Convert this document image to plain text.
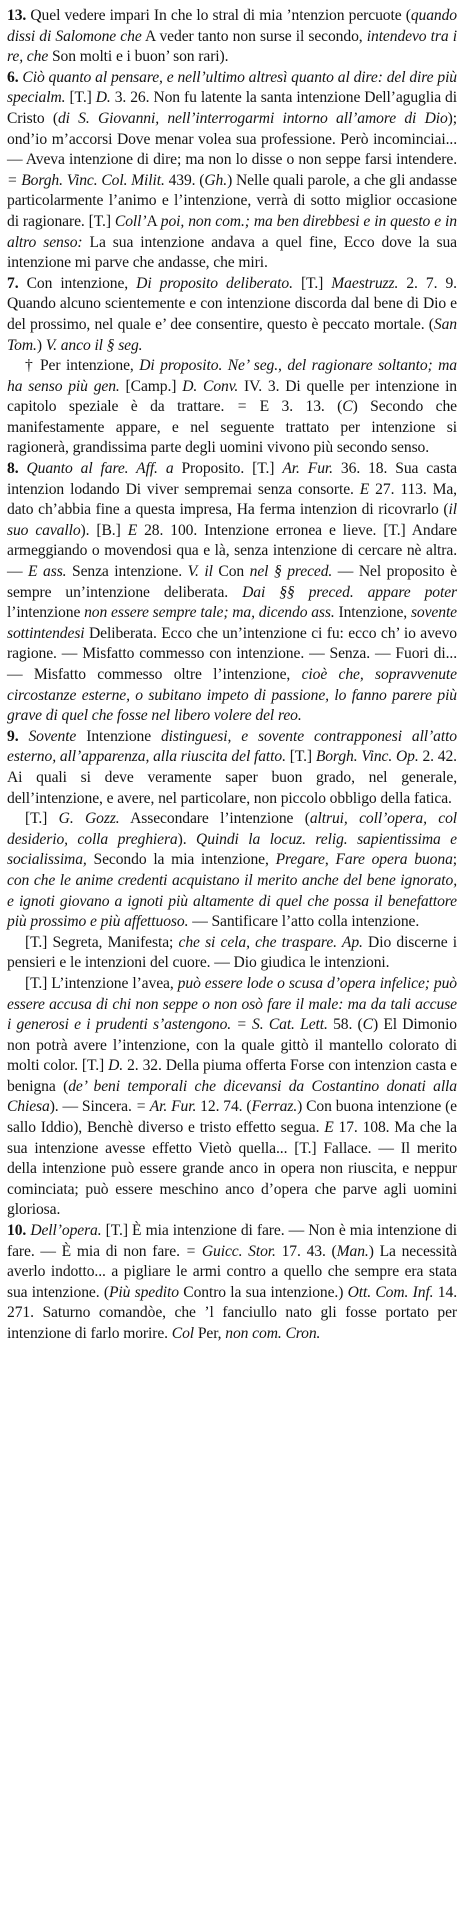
13. Quel vedere impari In che lo stral di mia ’ntenzion percuote (quando dissi di Salomone che A veder tanto non surse il secondo, intendevo tra i re, che Son molti e i buon’ son rari).

6. Ciò quanto al pensare, e nell’ultimo altresì quanto al dire: del dire più specialm. [T.] D. 3. 26. Non fu latente la santa intenzione Dell’aguglia di Cristo (di S. Giovanni, nell’interrogarmi intorno all’amore di Dio); ond’io m’accorsi Dove menar volea sua professione. Però incominciai... — Aveva intenzione di dire; ma non lo disse o non seppe farsi intendere. = Borgh. Vinc. Col. Milit. 439. (Gh.) Nelle quali parole, a che gli andasse particolarmente l’animo e l’intenzione, verrà di sotto miglior occasione di ragionare. [T.] Coll’A poi, non com.; ma ben direbbesi e in questo e in altro senso: La sua intenzione andava a quel fine, Ecco dove la sua intenzione mi parve che andasse, che miri.

7. Con intenzione, Di proposito deliberato. [T.] Maestruzz. 2. 7. 9. Quando alcuno scientemente e con intenzione discorda dal bene di Dio e del prossimo, nel quale e’ dee consentire, questo è peccato mortale. (San Tom.) V. anco il § seg.

† Per intenzione, Di proposito. Ne’ seg., del ragionare soltanto; ma ha senso più gen. [Camp.] D. Conv. IV. 3. Di quelle per intenzione in capitolo speziale è da trattare. = E 3. 13. (C) Secondo che manifestamente appare, e nel seguente trattato per intenzione si ragionerà, grandissima parte degli uomini vivono più secondo senso.

8. Quanto al fare. Aff. a Proposito. [T.] Ar. Fur. 36. 18. Sua casta intenzion lodando Di viver sempremai senza consorte. E 27. 113. Ma, dato ch’abbia fine a questa impresa, Ha ferma intenzion di ricovrarlo (il suo cavallo). [B.] E 28. 100. Intenzione erronea e lieve. [T.] Andare armeggiando o movendosi qua e là, senza intenzione di cercare nè altra. — E ass. Senza intenzione. V. il Con nel § preced. — Nel proposito è sempre un’intenzione deliberata. Dai §§ preced. appare poter l’intenzione non essere sempre tale; ma, dicendo ass. Intenzione, sovente sottintendesi Deliberata. Ecco che un’intenzione ci fu: ecco ch’ io avevo ragione. — Misfatto commesso con intenzione. — Senza. — Fuori di... — Misfatto commesso oltre l’intenzione, cioè che, sopravvenute circostanze esterne, o subitano impeto di passione, lo fanno parere più grave di quel che fosse nel libero volere del reo.

9. Sovente Intenzione distinguesi, e sovente contrapponesi all’atto esterno, all’apparenza, alla riuscita del fatto. [T.] Borgh. Vinc. Op. 2. 42. Ai quali si deve veramente saper buon grado, nel generale, dell’intenzione, e avere, nel particolare, non piccolo obbligo della fatica.

[T.] G. Gozz. Assecondare l’intenzione (altrui, coll’opera, col desiderio, colla preghiera). Quindi la locuz. relig. sapientissima e socialissima, Secondo la mia intenzione, Pregare, Fare opera buona; con che le anime credenti acquistano il merito anche del bene ignorato, e ignoti giovano a ignoti più altamente di quel che possa il benefattore più prossimo e più affettuoso. — Santificare l’atto colla intenzione.

[T.] Segreta, Manifesta; che si cela, che traspare. Ap. Dio discerne i pensieri e le intenzioni del cuore. — Dio giudica le intenzioni.

[T.] L’intenzione l’avea, può essere lode o scusa d’opera infelice; può essere accusa di chi non seppe o non osò fare il male: ma da tali accuse i generosi e i prudenti s’astengono. = S. Cat. Lett. 58. (C) El Dimonio non potrà avere l’intenzione, con la quale gittò il mantello colorato di molti color. [T.] D. 2. 32. Della piuma offerta Forse con intenzion casta e benigna (de’ beni temporali che dicevansi da Costantino donati alla Chiesa). — Sincera. = Ar. Fur. 12. 74. (Ferraz.) Con buona intenzione (e sallo Iddio), Benchè diverso e tristo effetto segua. E 17. 108. Ma che la sua intenzione avesse effetto Vietò quella... [T.] Fallace. — Il merito della intenzione può essere grande anco in opera non riuscita, e neppur cominciata; può essere meschino anco d’opera che parve agli uomini gloriosa.

10. Dell’opera. [T.] È mia intenzione di fare. — Non è mia intenzione di fare. — È mia di non fare. = Guicc. Stor. 17. 43. (Man.) La necessità averlo indotto... a pigliare le armi contro a quello che sempre era stata sua intenzione. (Più spedito Contro la sua intenzione.) Ott. Com. Inf. 14. 271. Saturno comandòe, che ’l fanciullo nato gli fosse portato per intenzione di farlo morire. Col Per, non com. Cron.
